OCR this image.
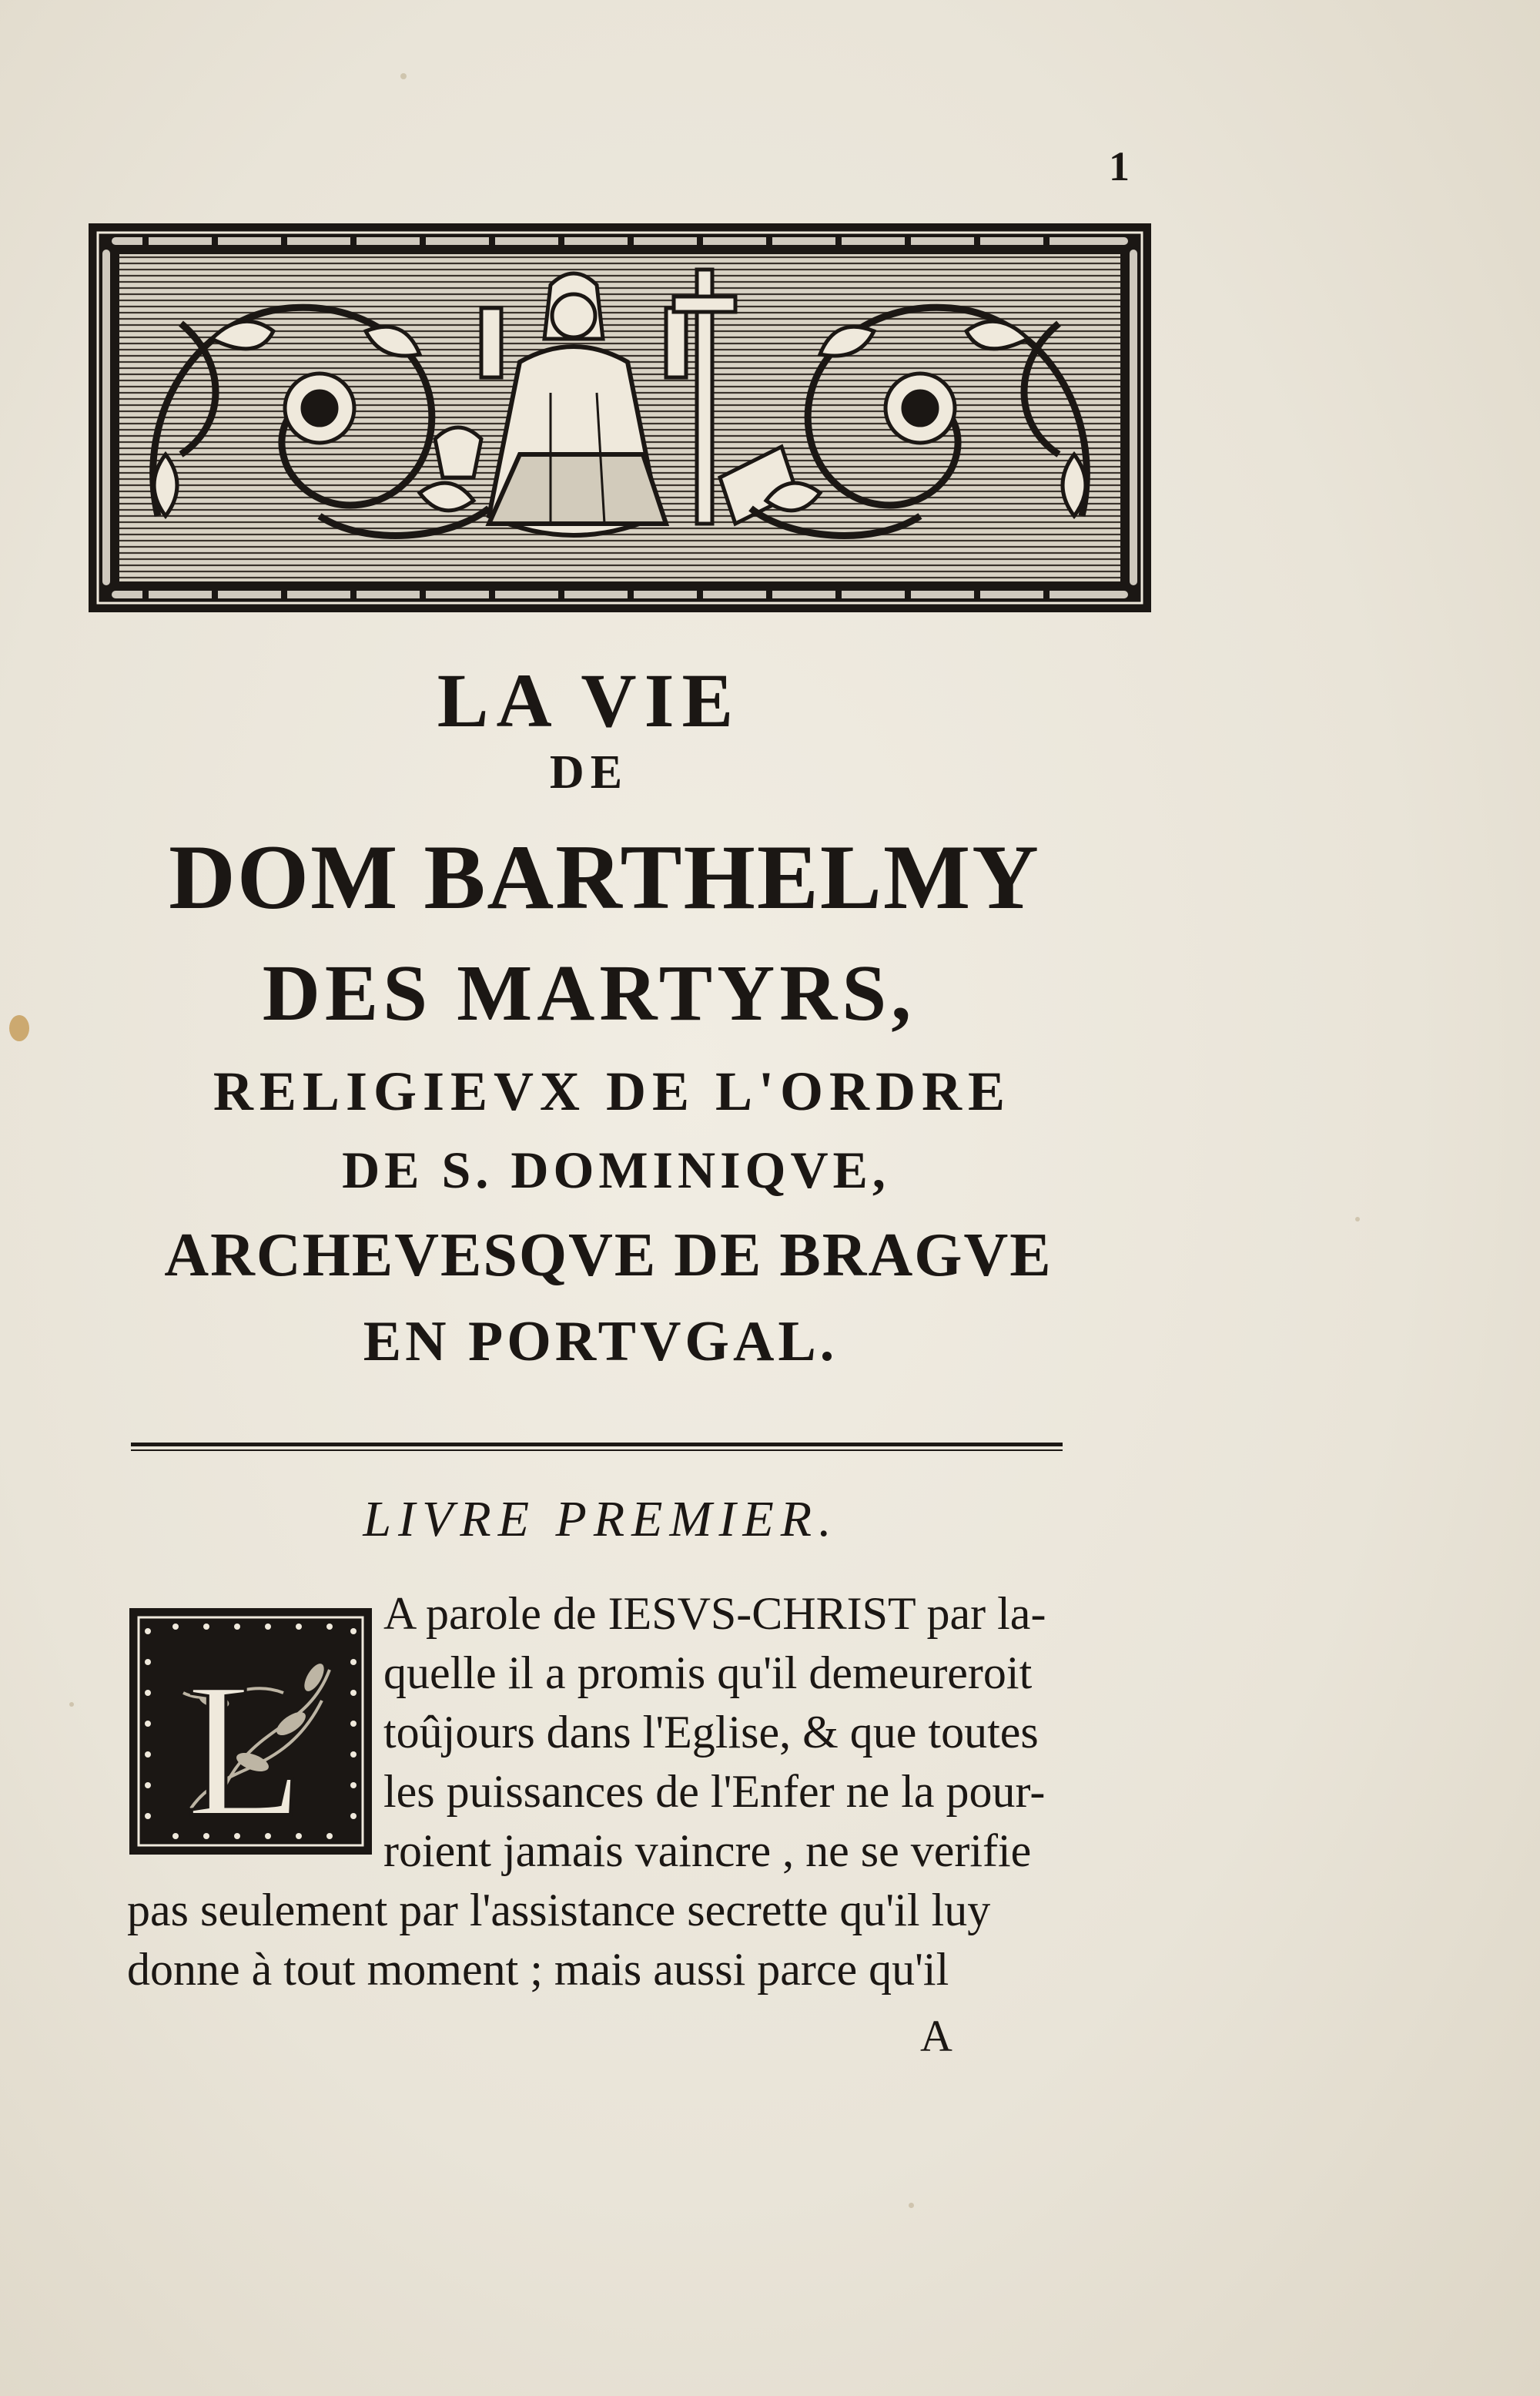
1
LA VIE
DE
DOM BARTHELMY
DES MARTYRS,
RELIGIEVX DE L'ORDRE
DE S. DOMINIQVE,
ARCHEVESQVE DE BRAGVE
EN PORTVGAL.
LIVRE PREMIER.
L
A parole de IESVS-CHRIST par la-
quelle il a promis qu'il demeureroit
toûjours dans l'Eglise, & que toutes
les puissances de l'Enfer ne la pour-
roient jamais vaincre , ne se verifie
pas seulement par l'assistance secrette qu'il luy
donne à tout moment ; mais aussi parce qu'il
A
